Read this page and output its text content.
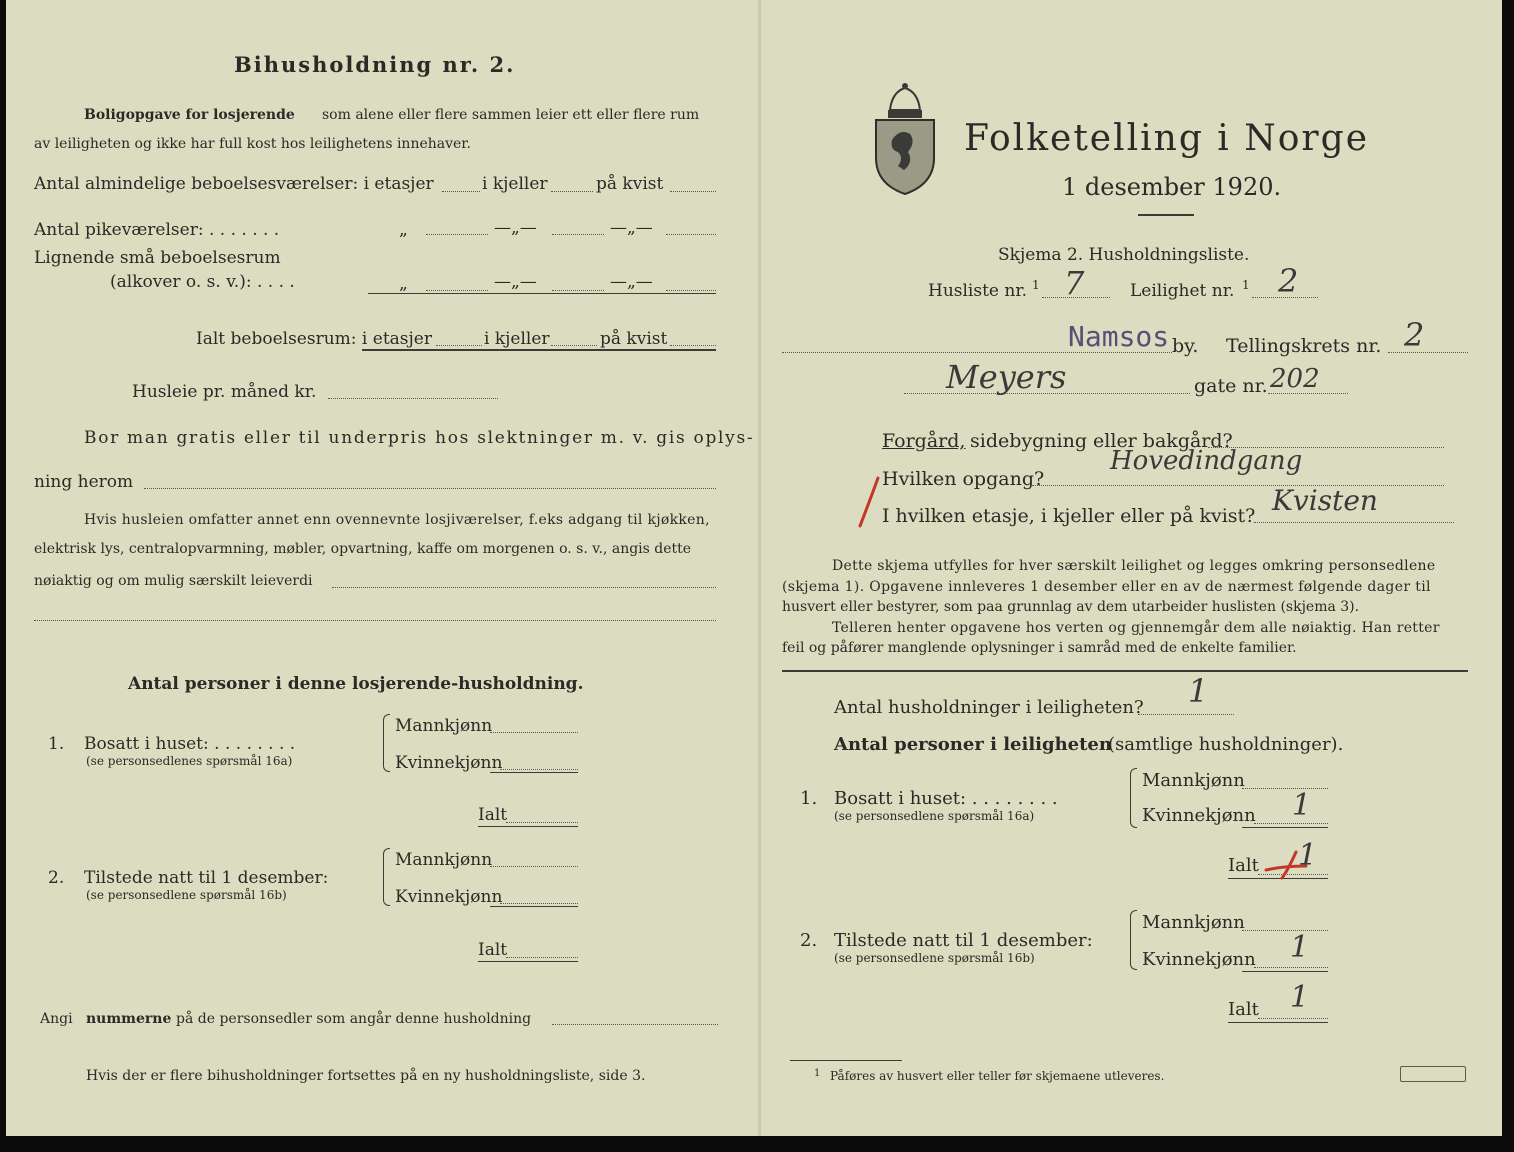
Bihusholdning nr. 2.
Boligopgave for losjerende som alene eller flere sammen leier ett eller flere rum
av leiligheten og ikke har full kost hos leilighetens innehaver.
Antal almindelige beboelsesværelser: i etasjer	i kjeller	på kvist
Antal pikeværelser: . . . . . . .	„	—„—	—„—
Lignende små beboelsesrum
(alkover o. s. v.): . . . .	„	—„—	—„—
Ialt beboelsesrum: i etasjer	i kjeller	på kvist
Husleie pr. måned kr.
Bor man gratis eller til underpris hos slektninger m. v. gis oplys-
ning herom
Hvis husleien omfatter annet enn ovennevnte losjiværelser, f.eks adgang til kjøkken,
elektrisk lys, centralopvarmning, møbler, opvartning, kaffe om morgenen o. s. v., angis dette
nøiaktig og om mulig særskilt leieverdi
Antal personer i denne losjerende-husholdning.
1. Bosatt i huset: . . . . . . . .
(se personsedlenes spørsmål 16a)
Mannkjønn
Kvinnekjønn
Ialt
2. Tilstede natt til 1 desember:
(se personsedlene spørsmål 16b)
Mannkjønn
Kvinnekjønn
Ialt
Angi nummerne på de personsedler som angår denne husholdning
Hvis der er flere bihusholdninger fortsettes på en ny husholdningsliste, side 3.
Folketelling i Norge
1 desember 1920.
Skjema 2. Husholdningsliste.
Husliste nr. 1 7	Leilighet nr. 1 2
Namsos by. Tellingskrets nr. 2
Meyers	gate nr. 202
Forgård, sidebygning eller bakgård?
Hvilken opgang?
Hovedindgang
I hvilken etasje, i kjeller eller på kvist? Kvisten
Dette skjema utfylles for hver særskilt leilighet og legges omkring personsedlene
(skjema 1). Opgavene innleveres 1 desember eller en av de nærmest følgende dager til
husvert eller bestyrer, som paa grunnlag av dem utarbeider huslisten (skjema 3).
Telleren henter opgavene hos verten og gjennemgår dem alle nøiaktig. Han retter
feil og påfører manglende oplysninger i samråd med de enkelte familier.
Antal husholdninger i leiligheten? 1
Antal personer i leiligheten
(samtlige husholdninger).
1. Bosatt i huset: . . . . . . . .
(se personsedlene spørsmål 16a)
Mannkjønn
Kvinnekjønn 1
Ialt 1
2. Tilstede natt til 1 desember:
(se personsedlene spørsmål 16b)
Mannkjønn
Kvinnekjønn 1
Ialt 1
1 Påføres av husvert eller teller før skjemaene utleveres.
